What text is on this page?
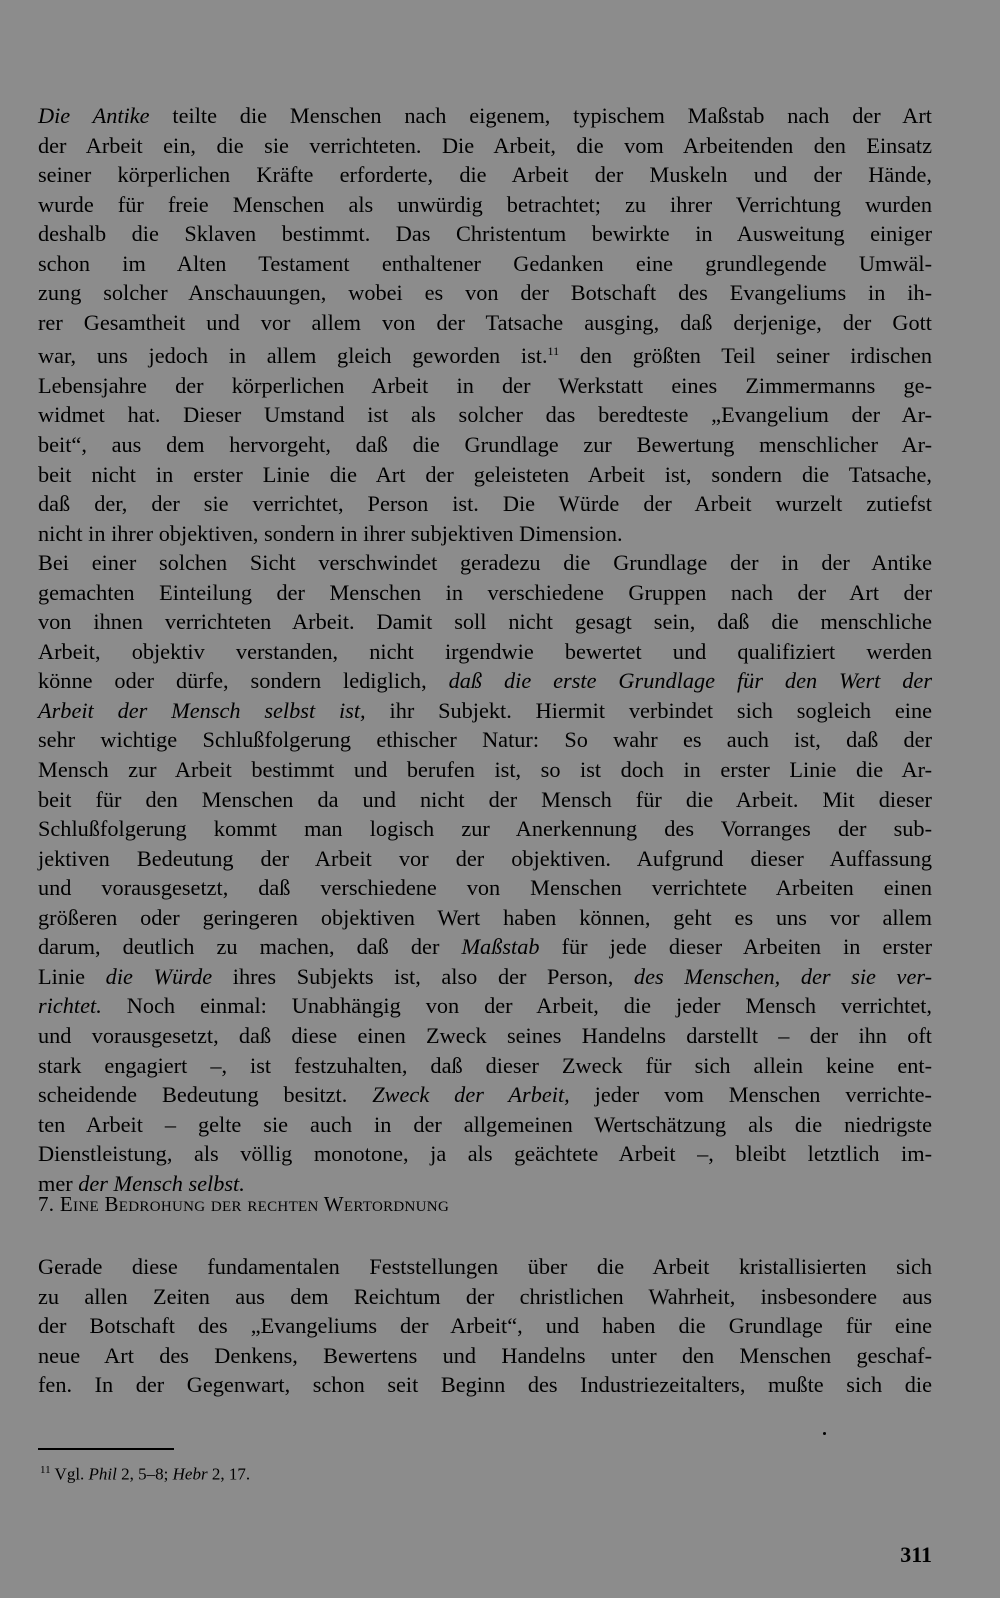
Die Antike teilte die Menschen nach eigenem, typischem Maßstab nach der Art
der Arbeit ein, die sie verrichteten. Die Arbeit, die vom Arbeitenden den Einsatz
seiner körperlichen Kräfte erforderte, die Arbeit der Muskeln und der Hände,
wurde für freie Menschen als unwürdig betrachtet; zu ihrer Verrichtung wurden
deshalb die Sklaven bestimmt. Das Christentum bewirkte in Ausweitung einiger
schon im Alten Testament enthaltener Gedanken eine grundlegende Umwäl-
zung solcher Anschauungen, wobei es von der Botschaft des Evangeliums in ih-
rer Gesamtheit und vor allem von der Tatsache ausging, daß derjenige, der Gott
war, uns jedoch in allem gleich geworden ist.$^{11}$ den größten Teil seiner irdischen
Lebensjahre der körperlichen Arbeit in der Werkstatt eines Zimmermanns ge-
widmet hat. Dieser Umstand ist als solcher das beredteste „Evangelium der Ar-
beit“, aus dem hervorgeht, daß die Grundlage zur Bewertung menschlicher Ar-
beit nicht in erster Linie die Art der geleisteten Arbeit ist, sondern die Tatsache,
daß der, der sie verrichtet, Person ist. Die Würde der Arbeit wurzelt zutiefst
nicht in ihrer objektiven, sondern in ihrer subjektiven Dimension.
Bei einer solchen Sicht verschwindet geradezu die Grundlage der in der Antike
gemachten Einteilung der Menschen in verschiedene Gruppen nach der Art der
von ihnen verrichteten Arbeit. Damit soll nicht gesagt sein, daß die menschliche
Arbeit, objektiv verstanden, nicht irgendwie bewertet und qualifiziert werden
könne oder dürfe, sondern lediglich, daß die erste Grundlage für den Wert der
Arbeit der Mensch selbst ist, ihr Subjekt. Hiermit verbindet sich sogleich eine
sehr wichtige Schlußfolgerung ethischer Natur: So wahr es auch ist, daß der
Mensch zur Arbeit bestimmt und berufen ist, so ist doch in erster Linie die Ar-
beit für den Menschen da und nicht der Mensch für die Arbeit. Mit dieser
Schlußfolgerung kommt man logisch zur Anerkennung des Vorranges der sub-
jektiven Bedeutung der Arbeit vor der objektiven. Aufgrund dieser Auffassung
und vorausgesetzt, daß verschiedene von Menschen verrichtete Arbeiten einen
größeren oder geringeren objektiven Wert haben können, geht es uns vor allem
darum, deutlich zu machen, daß der Maßstab für jede dieser Arbeiten in erster
Linie die Würde ihres Subjekts ist, also der Person, des Menschen, der sie ver-
richtet. Noch einmal: Unabhängig von der Arbeit, die jeder Mensch verrichtet,
und vorausgesetzt, daß diese einen Zweck seines Handelns darstellt – der ihn oft
stark engagiert –, ist festzuhalten, daß dieser Zweck für sich allein keine ent-
scheidende Bedeutung besitzt. Zweck der Arbeit, jeder vom Menschen verrichte-
ten Arbeit – gelte sie auch in der allgemeinen Wertschätzung als die niedrigste
Dienstleistung, als völlig monotone, ja als geächtete Arbeit –, bleibt letztlich im-
mer der Mensch selbst.
7. Eine Bedrohung der rechten Wertordnung
Gerade diese fundamentalen Feststellungen über die Arbeit kristallisierten sich
zu allen Zeiten aus dem Reichtum der christlichen Wahrheit, insbesondere aus
der Botschaft des „Evangeliums der Arbeit“, und haben die Grundlage für eine
neue Art des Denkens, Bewertens und Handelns unter den Menschen geschaf-
fen. In der Gegenwart, schon seit Beginn des Industriezeitalters, mußte sich die
$^{11}$ Vgl. Phil 2, 5–8; Hebr 2, 17.
311
